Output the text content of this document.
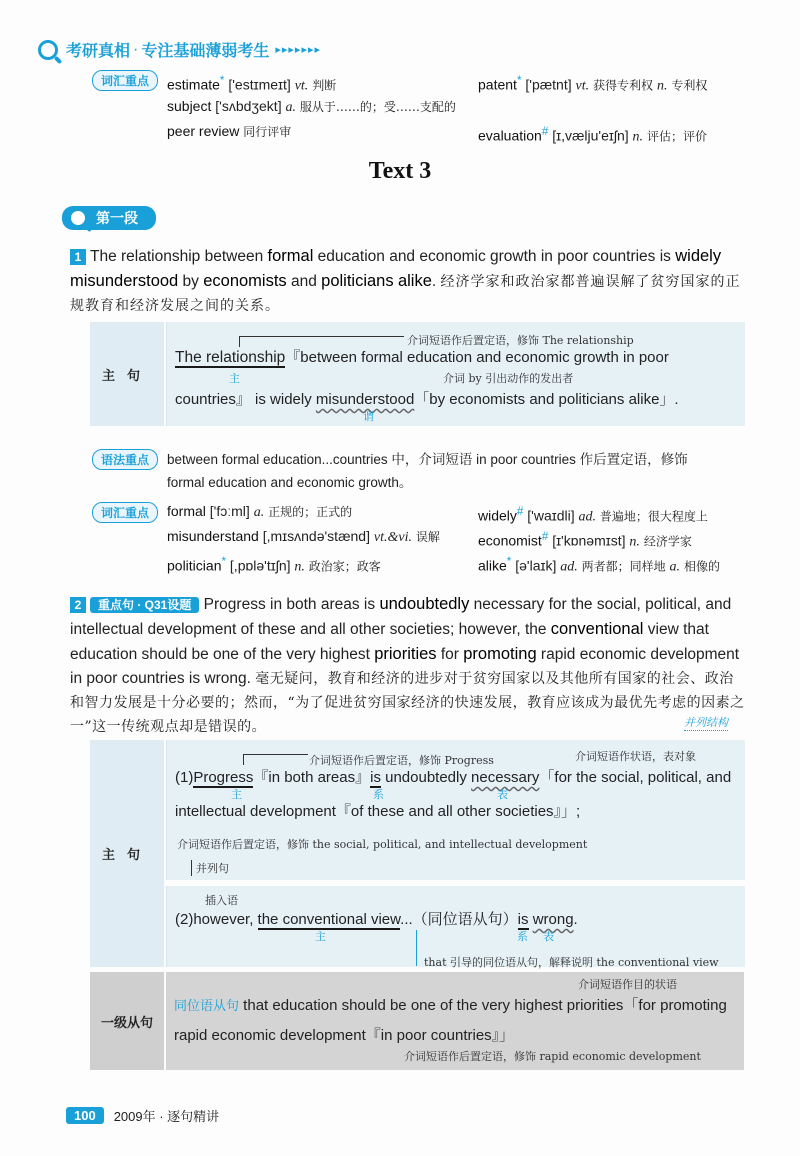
考研真相 · 专注基础薄弱考生 ▸▸▸▸▸▸▸
词汇重点	estimate* ['estɪmeɪt] vt. 判断	patent* ['pætnt] vt. 获得专利权 n. 专利权
subject ['sʌbdʒekt] a. 服从于……的；受……支配的
peer review 同行评审	evaluation# [ɪ,vælju'eɪʃn] n. 评估；评价
Text 3
第一段
1 The relationship between formal education and economic growth in poor countries is widely misunderstood by economists and politicians alike. 经济学家和政治家都普遍误解了贫穷国家的正规教育和经济发展之间的关系。
主句
介词短语作后置定语，修饰 The relationship
The relationship『between formal education and economic growth in poor
主	介词 by 引出动作的发出者
countries』 is widely misunderstood「by economists and politicians alike」.
谓
语法重点	between formal education...countries 中，介词短语 in poor countries 作后置定语，修饰
formal education and economic growth。
词汇重点	formal ['fɔːml] a. 正规的；正式的	widely# ['waɪdli] ad. 普遍地；很大程度上
misunderstand [,mɪsʌndə'stænd] vt.&vi. 误解	economist# [ɪ'kɒnəmɪst] n. 经济学家
politician* [,pɒlə'tɪʃn] n. 政治家；政客	alike* [ə'laɪk] ad. 两者都；同样地 a. 相像的
2 重点句 · Q31设题 Progress in both areas is undoubtedly necessary for the social, political, and intellectual development of these and all other societies; however, the conventional view that education should be one of the very highest priorities for promoting rapid economic development in poor countries is wrong. 毫无疑问，教育和经济的进步对于贫穷国家以及其他所有国家的社会、政治和智力发展是十分必要的；然而，“为了促进贫穷国家经济的快速发展，教育应该成为最优先考虑的因素之一”这一传统观点却是错误的。	并列结构
主句
介词短语作后置定语，修饰 Progress	介词短语作状语，表对象
(1)Progress『in both areas』is undoubtedly necessary「for the social, political, and
主	系	表
intellectual development『of these and all other societies』」;
介词短语作后置定语，修饰 the social, political, and intellectual development
并列句
插入语
(2)however, the conventional view...（同位语从句）is wrong.
主	系 表
that 引导的同位语从句，解释说明 the conventional view
一级从句
介词短语作目的状语
同位语从句 that education should be one of the very highest priorities「for promoting
rapid economic development『in poor countries』」
介词短语作后置定语，修饰 rapid economic development
100	2009年 · 逐句精讲
